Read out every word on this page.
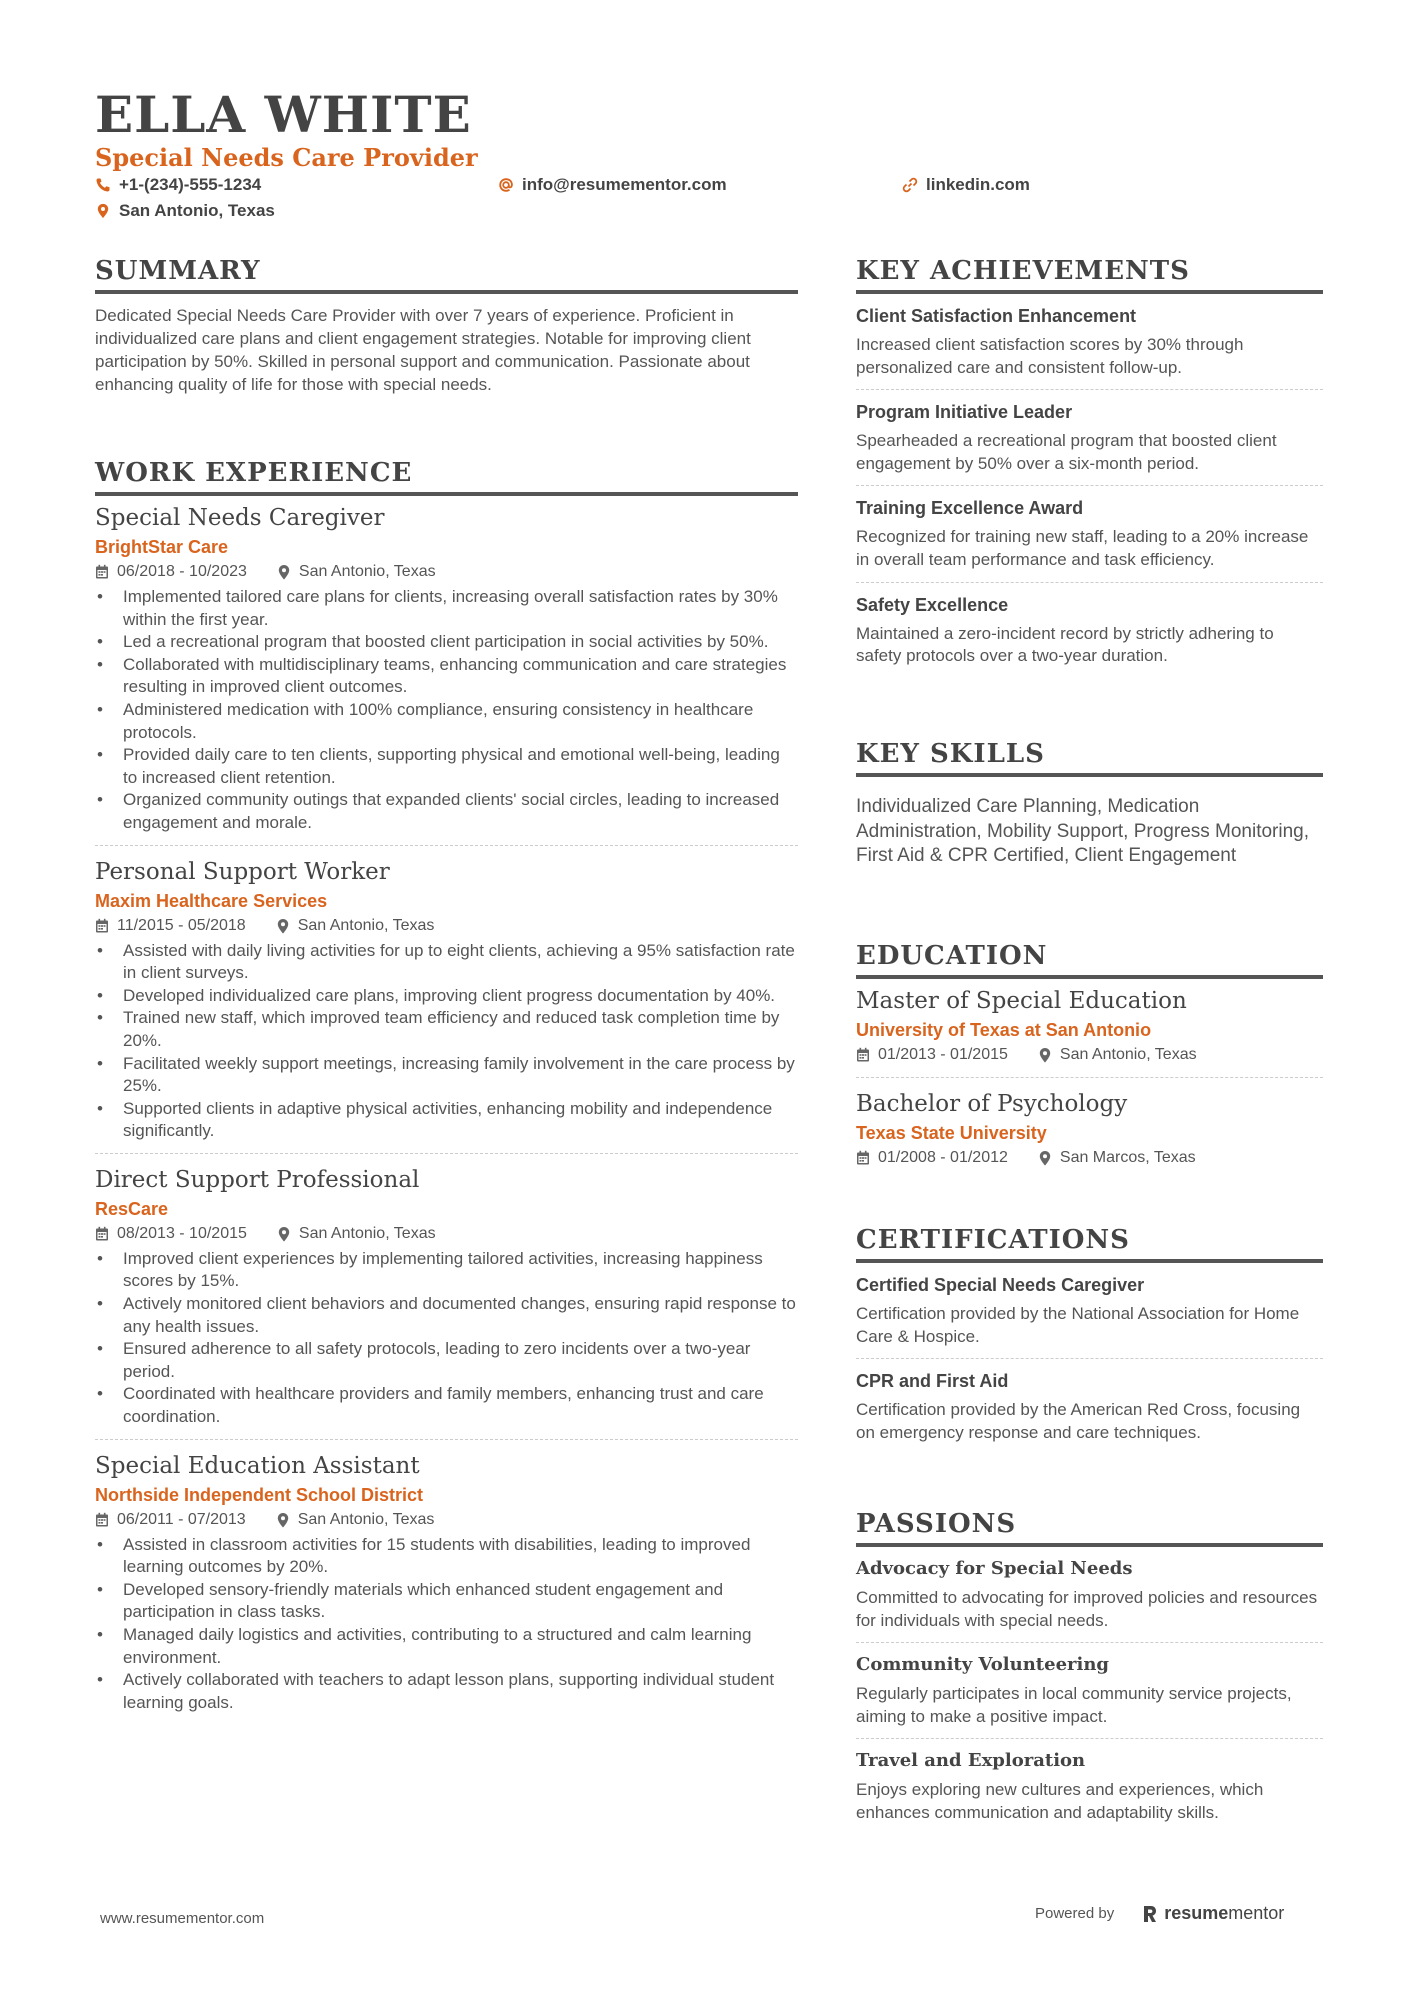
ELLA WHITE
Special Needs Care Provider
+1-(234)-555-1234	info@resumementor.com	linkedin.com
San Antonio, Texas
SUMMARY
Dedicated Special Needs Care Provider with over 7 years of experience. Proficient in individualized care plans and client engagement strategies. Notable for improving client participation by 50%. Skilled in personal support and communication. Passionate about enhancing quality of life for those with special needs.
WORK EXPERIENCE
Special Needs Caregiver
BrightStar Care
06/2018 - 10/2023	San Antonio, Texas
• Implemented tailored care plans for clients, increasing overall satisfaction rates by 30% within the first year.
• Led a recreational program that boosted client participation in social activities by 50%.
• Collaborated with multidisciplinary teams, enhancing communication and care strategies resulting in improved client outcomes.
• Administered medication with 100% compliance, ensuring consistency in healthcare protocols.
• Provided daily care to ten clients, supporting physical and emotional well-being, leading to increased client retention.
• Organized community outings that expanded clients' social circles, leading to increased engagement and morale.
Personal Support Worker
Maxim Healthcare Services
11/2015 - 05/2018	San Antonio, Texas
• Assisted with daily living activities for up to eight clients, achieving a 95% satisfaction rate in client surveys.
• Developed individualized care plans, improving client progress documentation by 40%.
• Trained new staff, which improved team efficiency and reduced task completion time by 20%.
• Facilitated weekly support meetings, increasing family involvement in the care process by 25%.
• Supported clients in adaptive physical activities, enhancing mobility and independence significantly.
Direct Support Professional
ResCare
08/2013 - 10/2015	San Antonio, Texas
• Improved client experiences by implementing tailored activities, increasing happiness scores by 15%.
• Actively monitored client behaviors and documented changes, ensuring rapid response to any health issues.
• Ensured adherence to all safety protocols, leading to zero incidents over a two-year period.
• Coordinated with healthcare providers and family members, enhancing trust and care coordination.
Special Education Assistant
Northside Independent School District
06/2011 - 07/2013	San Antonio, Texas
• Assisted in classroom activities for 15 students with disabilities, leading to improved learning outcomes by 20%.
• Developed sensory-friendly materials which enhanced student engagement and participation in class tasks.
• Managed daily logistics and activities, contributing to a structured and calm learning environment.
• Actively collaborated with teachers to adapt lesson plans, supporting individual student learning goals.
KEY ACHIEVEMENTS
Client Satisfaction Enhancement
Increased client satisfaction scores by 30% through personalized care and consistent follow-up.
Program Initiative Leader
Spearheaded a recreational program that boosted client engagement by 50% over a six-month period.
Training Excellence Award
Recognized for training new staff, leading to a 20% increase in overall team performance and task efficiency.
Safety Excellence
Maintained a zero-incident record by strictly adhering to safety protocols over a two-year duration.
KEY SKILLS
Individualized Care Planning, Medication Administration, Mobility Support, Progress Monitoring, First Aid & CPR Certified, Client Engagement
EDUCATION
Master of Special Education
University of Texas at San Antonio
01/2013 - 01/2015	San Antonio, Texas
Bachelor of Psychology
Texas State University
01/2008 - 01/2012	San Marcos, Texas
CERTIFICATIONS
Certified Special Needs Caregiver
Certification provided by the National Association for Home Care & Hospice.
CPR and First Aid
Certification provided by the American Red Cross, focusing on emergency response and care techniques.
PASSIONS
Advocacy for Special Needs
Committed to advocating for improved policies and resources for individuals with special needs.
Community Volunteering
Regularly participates in local community service projects, aiming to make a positive impact.
Travel and Exploration
Enjoys exploring new cultures and experiences, which enhances communication and adaptability skills.
www.resumementor.com	Powered by	resume mentor
